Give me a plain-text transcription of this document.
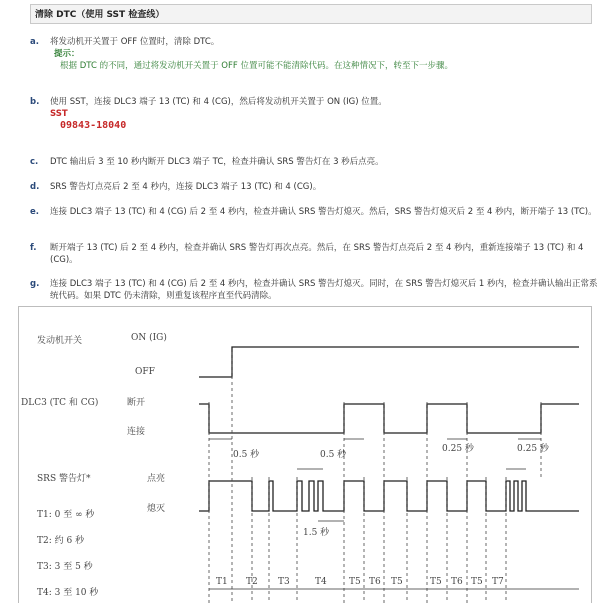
清除 DTC（使用 SST 检查线）
a.	将发动机开关置于 OFF 位置时，清除 DTC。
提示：
根据 DTC 的不同，通过将发动机开关置于 OFF 位置可能不能清除代码。在这种情况下，转至下一步骤。
b.	使用 SST，连接 DLC3 端子 13 (TC) 和 4 (CG)，然后将发动机开关置于 ON (IG) 位置。
SST
09843-18040
c.	DTC 输出后 3 至 10 秒内断开 DLC3 端子 TC，检查并确认 SRS 警告灯在 3 秒后点亮。
d.	SRS 警告灯点亮后 2 至 4 秒内，连接 DLC3 端子 13 (TC) 和 4 (CG)。
e.	连接 DLC3 端子 13 (TC) 和 4 (CG) 后 2 至 4 秒内，检查并确认 SRS 警告灯熄灭。然后，SRS 警告灯熄灭后 2 至 4 秒内，断开端子 13 (TC)。
f.	断开端子 13 (TC) 后 2 至 4 秒内，检查并确认 SRS 警告灯再次点亮。然后，在 SRS 警告灯点亮后 2 至 4 秒内，重新连接端子 13 (TC) 和 4 (CG)。
g.	连接 DLC3 端子 13 (TC) 和 4 (CG) 后 2 至 4 秒内，检查并确认 SRS 警告灯熄灭。同时，在 SRS 警告灯熄灭后 1 秒内，检查并确认输出正常系统代码。如果 DTC 仍未清除，则重复该程序直至代码清除。
发动机开关	ON (IG)
OFF
DLC3 (TC 和 CG)	断开
连接
0.5 秒	0.5 秒
0.25 秒	0.25 秒
SRS 警告灯*	点亮
熄灭
1.5 秒
T1: 0 至 ∞ 秒
T2: 约 6 秒
T3: 3 至 5 秒
T4: 3 至 10 秒
T1 T2 T3	T4 T5 T6 T5	T5 T6 T5 T7
